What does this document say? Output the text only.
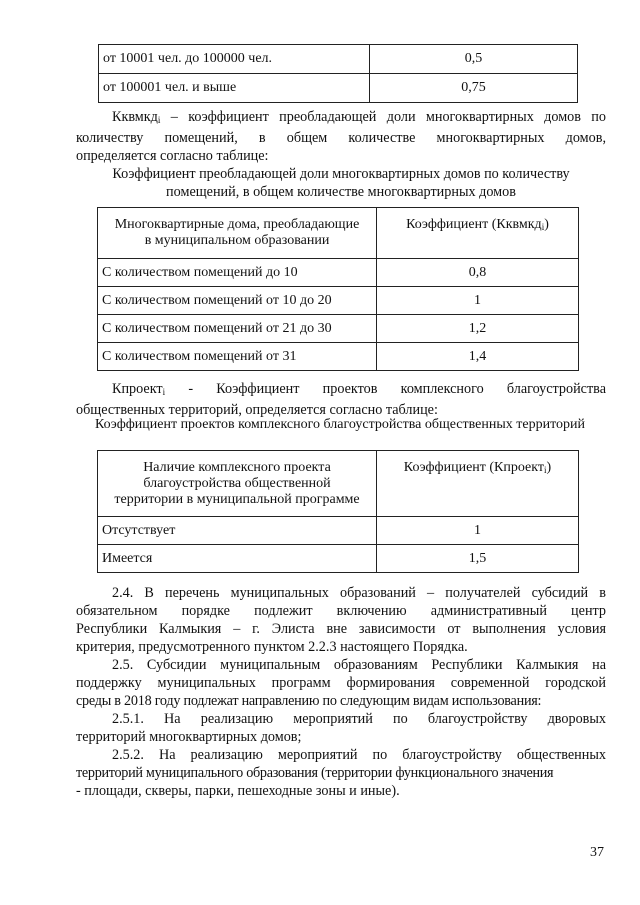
от 10001 чел. до 100000 чел.	0,5
от 100001 чел. и выше	0,75
Кквмкд$_i$ – коэффициент преобладающей доли многоквартирных домов по
количеству помещений, в общем количестве многоквартирных домов,
определяется согласно таблице:
Коэффициент преобладающей доли многоквартирных домов по количеству
помещений, в общем количестве многоквартирных домов
Многоквартирные дома, преобладающие
в муниципальном образовании	Коэффициент (Кквмкд$_i$)
С количеством помещений до 10	0,8
С количеством помещений от 10 до 20	1
С количеством помещений от 21 до 30	1,2
С количеством помещений от 31	1,4
Кпроект$_i$ - Коэффициент проектов комплексного благоустройства
общественных территорий, определяется согласно таблице:
Коэффициент проектов комплексного благоустройства общественных территорий
Наличие комплексного проекта
благоустройства общественной
территории в муниципальной программе	Коэффициент (Кпроект$_i$)
Отсутствует	1
Имеется	1,5
2.4. В перечень муниципальных образований – получателей субсидий в
обязательном порядке подлежит включению административный центр
Республики Калмыкия – г. Элиста вне зависимости от выполнения условия
критерия, предусмотренного пунктом 2.2.3 настоящего Порядка.
2.5. Субсидии муниципальным образованиям Республики Калмыкия на
поддержку муниципальных программ формирования современной городской
среды в 2018 году подлежат направлению по следующим видам использования:
2.5.1. На реализацию мероприятий по благоустройству дворовых
территорий многоквартирных домов;
2.5.2. На реализацию мероприятий по благоустройству общественных
территорий муниципального образования (территории функционального значения
- площади, скверы, парки, пешеходные зоны и иные).
37
